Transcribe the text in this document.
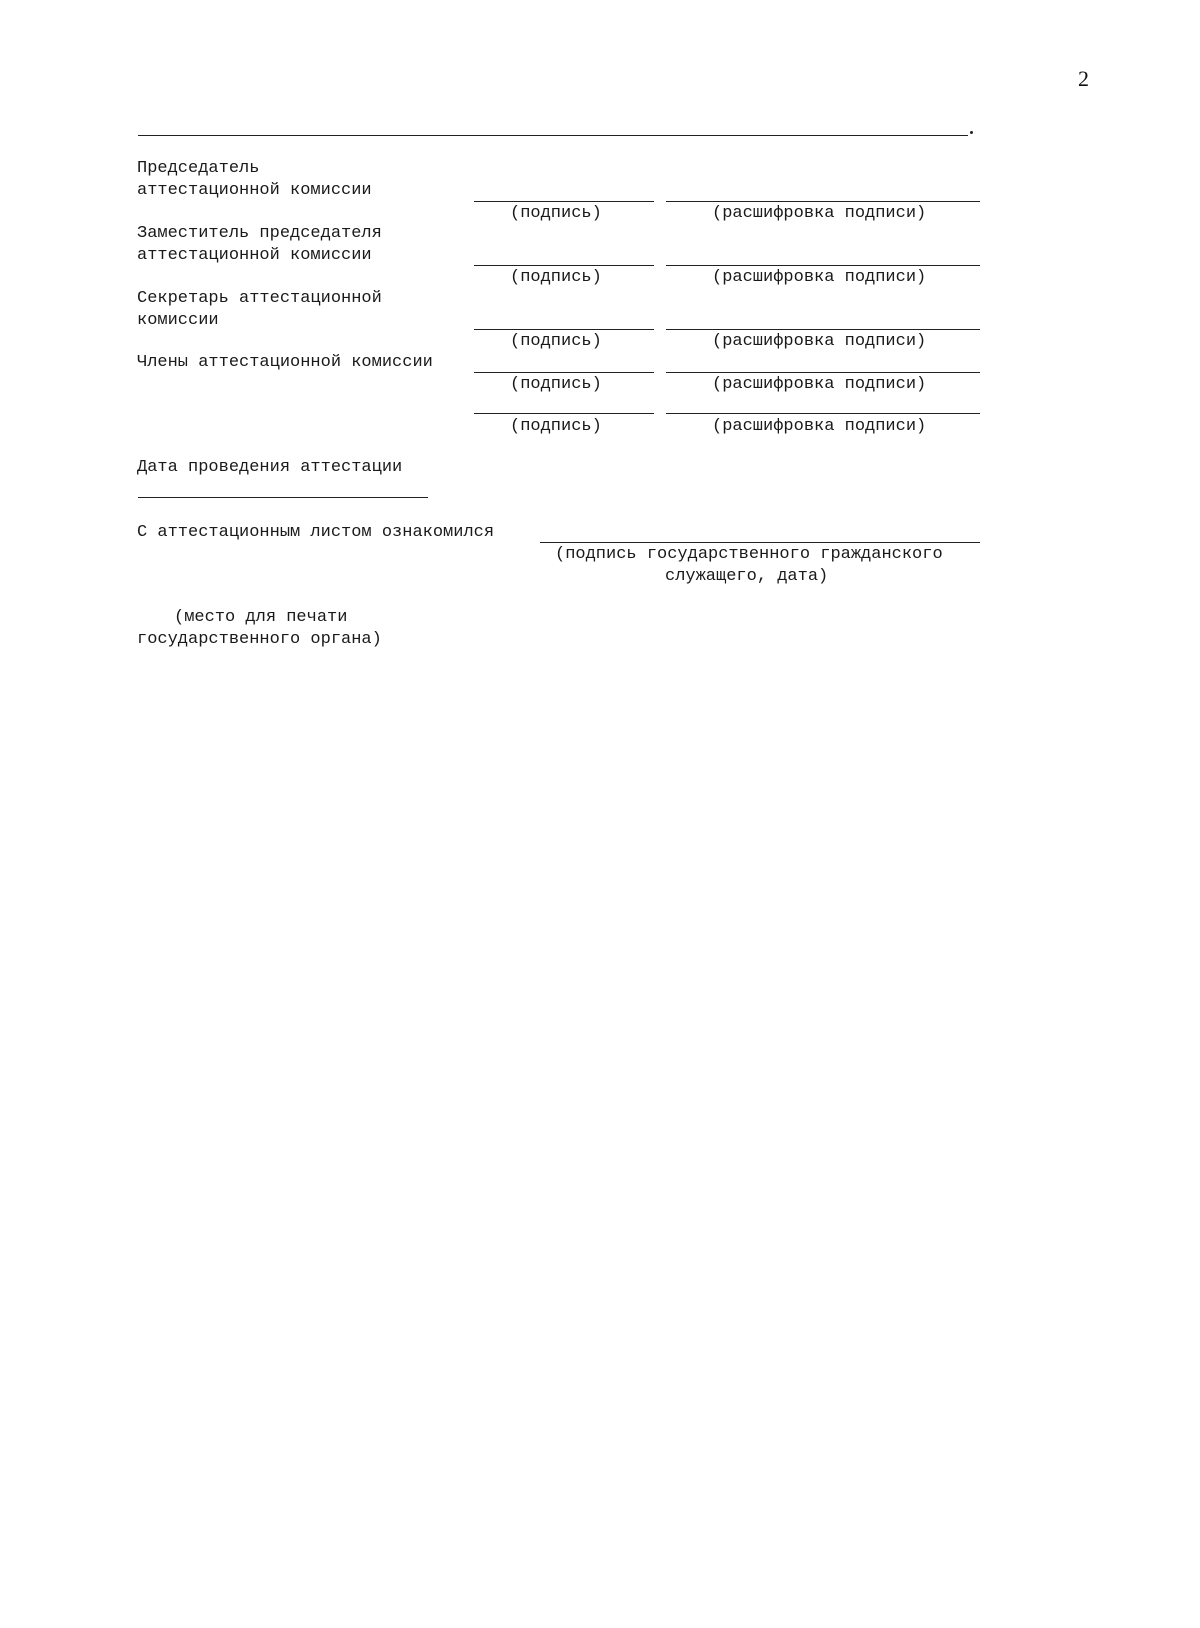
2
Председатель
аттестационной комиссии
(подпись)	(расшифровка подписи)
Заместитель председателя
аттестационной комиссии
(подпись)	(расшифровка подписи)
Секретарь аттестационной
комиссии
(подпись)	(расшифровка подписи)
Члены аттестационной комиссии
(подпись)	(расшифровка подписи)
(подпись)	(расшифровка подписи)
Дата проведения аттестации
С аттестационным листом ознакомился
(подпись государственного гражданского
служащего, дата)
(место для печати
государственного органа)
